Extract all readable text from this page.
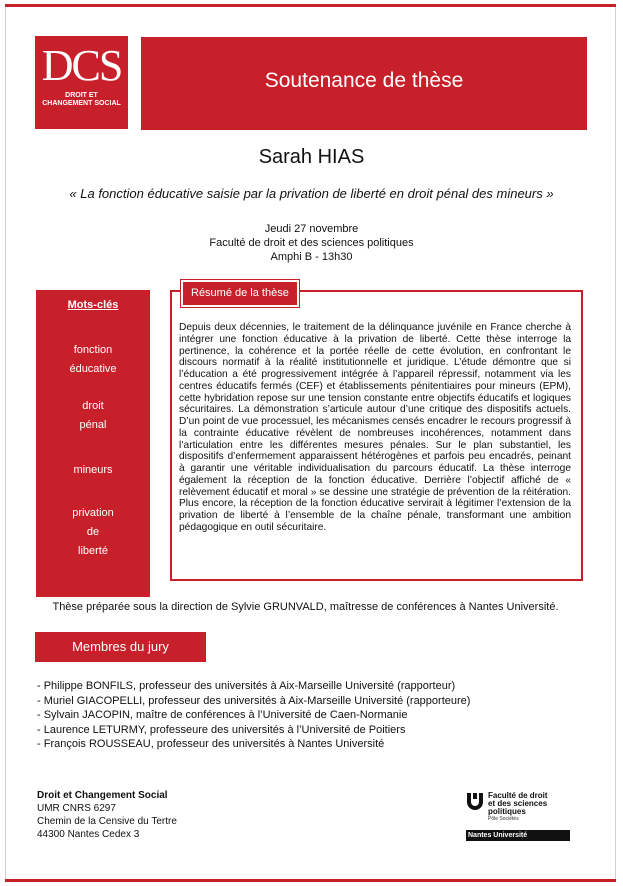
DCS
DROIT ET
CHANGEMENT SOCIAL
Soutenance de thèse
Sarah HIAS
« La fonction éducative saisie par la privation de liberté en droit pénal des mineurs »
Jeudi 27 novembre
Faculté de droit et des sciences politiques
Amphi B - 13h30
Mots-clés
fonction
éducative
droit
pénal
mineurs
privation
de
liberté
Résumé de la thèse
Depuis deux décennies, le traitement de la délinquance juvénile en France cherche à intégrer une fonction éducative à la privation de liberté. Cette thèse interroge la pertinence, la cohérence et la portée réelle de cette évolution, en confrontant le discours normatif à la réalité institutionnelle et juridique. L’étude démontre que si l’éducation a été progressivement intégrée à l’appareil répressif, notamment via les centres éducatifs fermés (CEF) et établissements pénitentiaires pour mineurs (EPM), cette hybridation repose sur une tension constante entre objectifs éducatifs et logiques sécuritaires. La démonstration s’articule autour d’une critique des dispositifs actuels. D’un point de vue processuel, les mécanismes censés encadrer le recours progressif à la contrainte éducative révèlent de nombreuses incohérences, notamment dans l’articulation entre les différentes mesures pénales. Sur le plan substantiel, les dispositifs d’enfermement apparaissent hétérogènes et parfois peu encadrés, peinant à garantir une véritable individualisation du parcours éducatif. La thèse interroge également la réception de la fonction éducative. Derrière l’objectif affiché de « relèvement éducatif et moral » se dessine une stratégie de prévention de la réitération. Plus encore, la réception de la fonction éducative servirait à légitimer l’extension de la privation de liberté à l’ensemble de la chaîne pénale, transformant une ambition pédagogique en outil sécuritaire.
Thèse préparée sous la direction de Sylvie GRUNVALD, maîtresse de conférences à Nantes Université.
Membres du jury
- Philippe BONFILS, professeur des universités à Aix-Marseille Université (rapporteur)
- Muriel GIACOPELLI, professeur des universités à Aix-Marseille Université (rapporteure)
- Sylvain JACOPIN, maître de conférences à l’Université de Caen-Normanie
- Laurence LETURMY, professeure des universités à l’Université de Poitiers
- François ROUSSEAU, professeur des universités à Nantes Université
Droit et Changement Social
UMR CNRS 6297
Chemin de la Censive du Tertre
44300 Nantes Cedex 3
Faculté de droit
et des sciences politiques
Pôle Sociétés
Nantes Université
